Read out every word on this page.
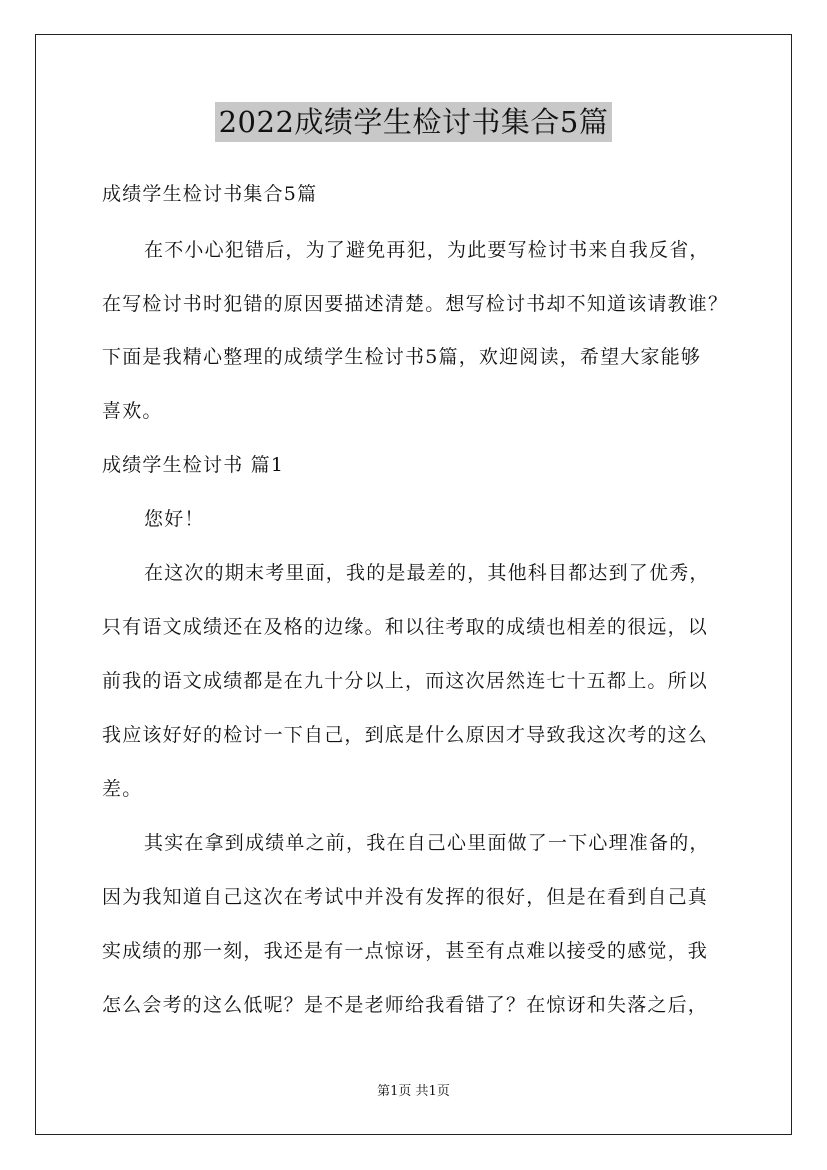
2022成绩学生检讨书集合5篇
成绩学生检讨书集合5篇
在不小心犯错后，为了避免再犯，为此要写检讨书来自我反省，
在写检讨书时犯错的原因要描述清楚。想写检讨书却不知道该请教谁？
下面是我精心整理的成绩学生检讨书5篇，欢迎阅读，希望大家能够
喜欢。
成绩学生检讨书 篇1
您好！
在这次的期末考里面，我的是最差的，其他科目都达到了优秀，
只有语文成绩还在及格的边缘。和以往考取的成绩也相差的很远，以
前我的语文成绩都是在九十分以上，而这次居然连七十五都上。所以
我应该好好的检讨一下自己，到底是什么原因才导致我这次考的这么
差。
其实在拿到成绩单之前，我在自己心里面做了一下心理准备的，
因为我知道自己这次在考试中并没有发挥的很好，但是在看到自己真
实成绩的那一刻，我还是有一点惊讶，甚至有点难以接受的感觉，我
怎么会考的这么低呢？是不是老师给我看错了？在惊讶和失落之后，
第1页 共1页
